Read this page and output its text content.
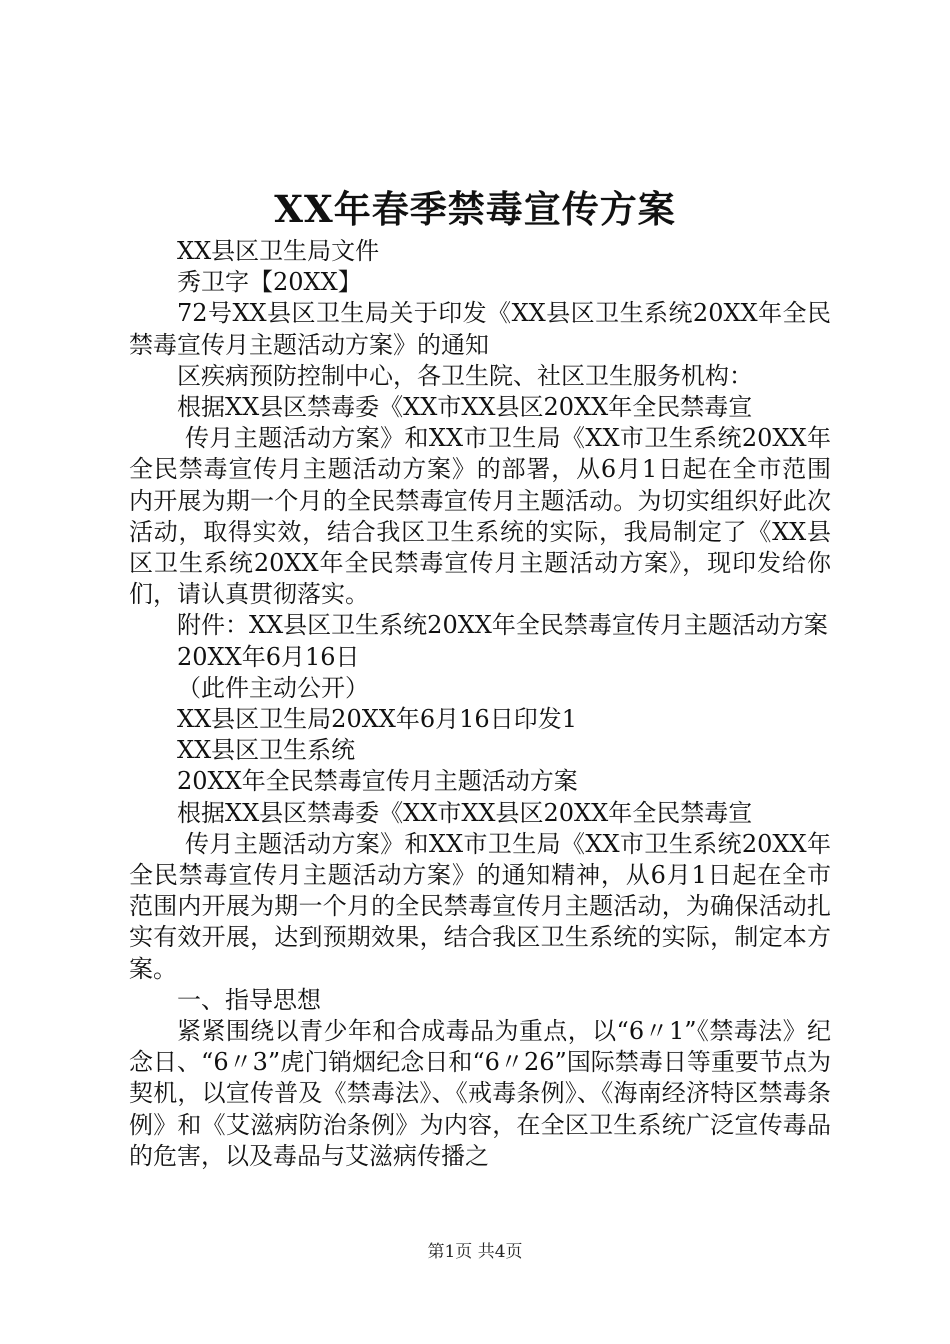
XX年春季禁毒宣传方案

XX县区卫生局文件

秀卫字【20XX】

72号XX县区卫生局关于印发《XX县区卫生系统20XX年全民禁毒宣传月主题活动方案》的通知

区疾病预防控制中心，各卫生院、社区卫生服务机构：

根据XX县区禁毒委《XX市XX县区20XX年全民禁毒宣

传月主题活动方案》和XX市卫生局《XX市卫生系统20XX年全民禁毒宣传月主题活动方案》的部署，从6月1日起在全市范围内开展为期一个月的全民禁毒宣传月主题活动。为切实组织好此次活动，取得实效，结合我区卫生系统的实际，我局制定了《XX县区卫生系统20XX年全民禁毒宣传月主题活动方案》，现印发给你们，请认真贯彻落实。

附件：XX县区卫生系统20XX年全民禁毒宣传月主题活动方案

20XX年6月16日

（此件主动公开）

XX县区卫生局20XX年6月16日印发1

XX县区卫生系统

20XX年全民禁毒宣传月主题活动方案

根据XX县区禁毒委《XX市XX县区20XX年全民禁毒宣

传月主题活动方案》和XX市卫生局《XX市卫生系统20XX年全民禁毒宣传月主题活动方案》的通知精神，从6月1日起在全市范围内开展为期一个月的全民禁毒宣传月主题活动，为确保活动扎实有效开展，达到预期效果，结合我区卫生系统的实际，制定本方案。

一、指导思想

紧紧围绕以青少年和合成毒品为重点，以“6〃1”《禁毒法》纪念日、“6〃3”虎门销烟纪念日和“6〃26”国际禁毒日等重要节点为契机，以宣传普及《禁毒法》、《戒毒条例》、《海南经济特区禁毒条例》和《艾滋病防治条例》为内容，在全区卫生系统广泛宣传毒品的危害，以及毒品与艾滋病传播之

第1页 共4页
